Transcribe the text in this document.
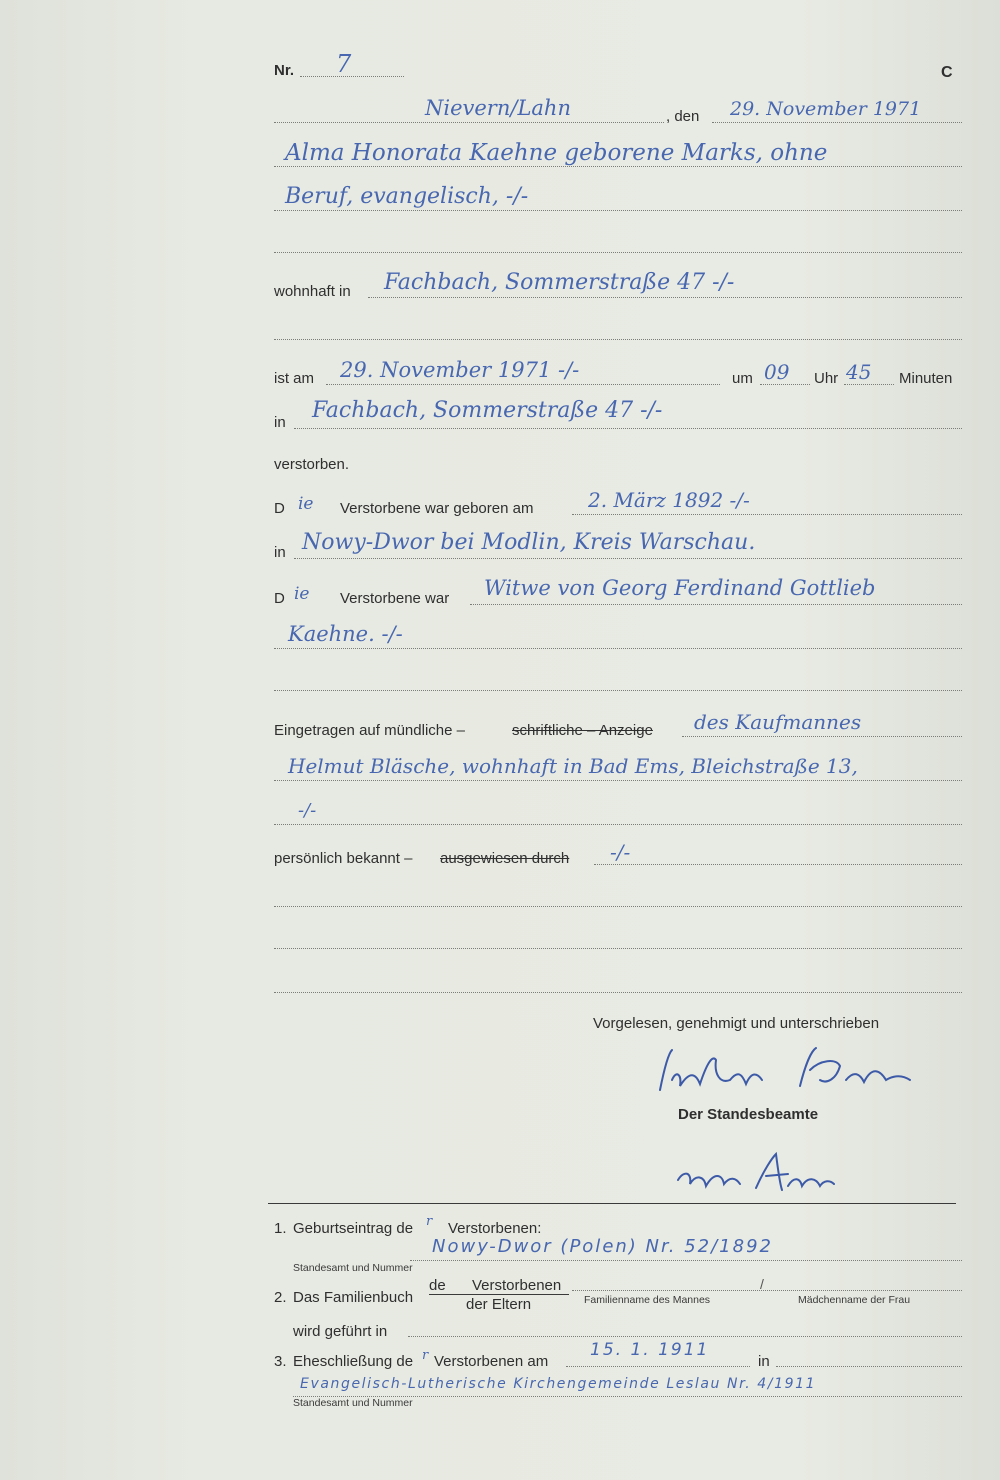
Nr. 7	C
Nievern/Lahn	, den 29. November 1971
Alma Honorata Kaehne geborene Marks, ohne
Beruf, evangelisch, -/-
wohnhaft in Fachbach, Sommerstraße 47 -/-
ist am 29. November 1971 -/-	um 09 Uhr 45 Minuten
in Fachbach, Sommerstraße 47 -/-
verstorben.
D ie Verstorbene war geboren am	2. März 1892 -/-
in Nowy-Dwor bei Modlin, Kreis Warschau.
D ie Verstorbene war Witwe von Georg Ferdinand Gottlieb
Kaehne. -/-
Eingetragen auf mündliche –	schriftliche – Anzeige des Kaufmannes
Helmut Bläsche, wohnhaft in Bad Ems, Bleichstraße 13,
-/-
persönlich bekannt – ausgewiesen durch -/-
Vorgelesen, genehmigt und unterschrieben
Der Standesbeamte
1. Geburtseintrag de r Verstorbenen:
Nowy-Dwor (Polen) Nr. 52/1892
Standesamt und Nummer
2. Das Familienbuch
de Verstorbenen
der Eltern
/
Familienname des Mannes	Mädchenname der Frau
wird geführt in
3. Eheschließung de r Verstorbenen am
15. 1. 1911
in
Evangelisch-Lutherische Kirchengemeinde Leslau Nr. 4/1911
Standesamt und Nummer
